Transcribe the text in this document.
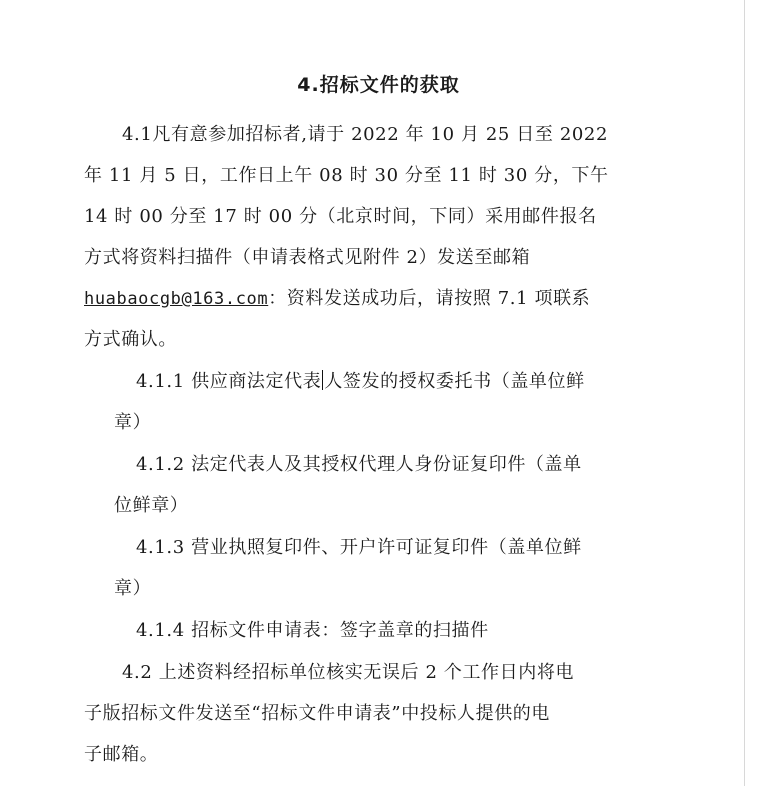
4.招标文件的获取
4.1凡有意参加招标者,请于 2022 年 10 月 25 日至 2022
年 11 月 5 日，工作日上午 08 时 30 分至 11 时 30 分，下午
14 时 00 分至 17 时 00 分（北京时间，下同）采用邮件报名
方式将资料扫描件（申请表格式见附件 2）发送至邮箱
huabaocgb@163.com：资料发送成功后，请按照 7.1 项联系
方式确认。
4.1.1 供应商法定代表 人签发的授权委托书（盖单位鲜
章）
4.1.2 法定代表人及其授权代理人身份证复印件（盖单
位鲜章）
4.1.3 营业执照复印件、开户许可证复印件（盖单位鲜
章）
4.1.4 招标文件申请表：签字盖章的扫描件
4.2 上述资料经招标单位核实无误后 2 个工作日内将电
子版招标文件发送至“招标文件申请表”中投标人提供的电
子邮箱。
